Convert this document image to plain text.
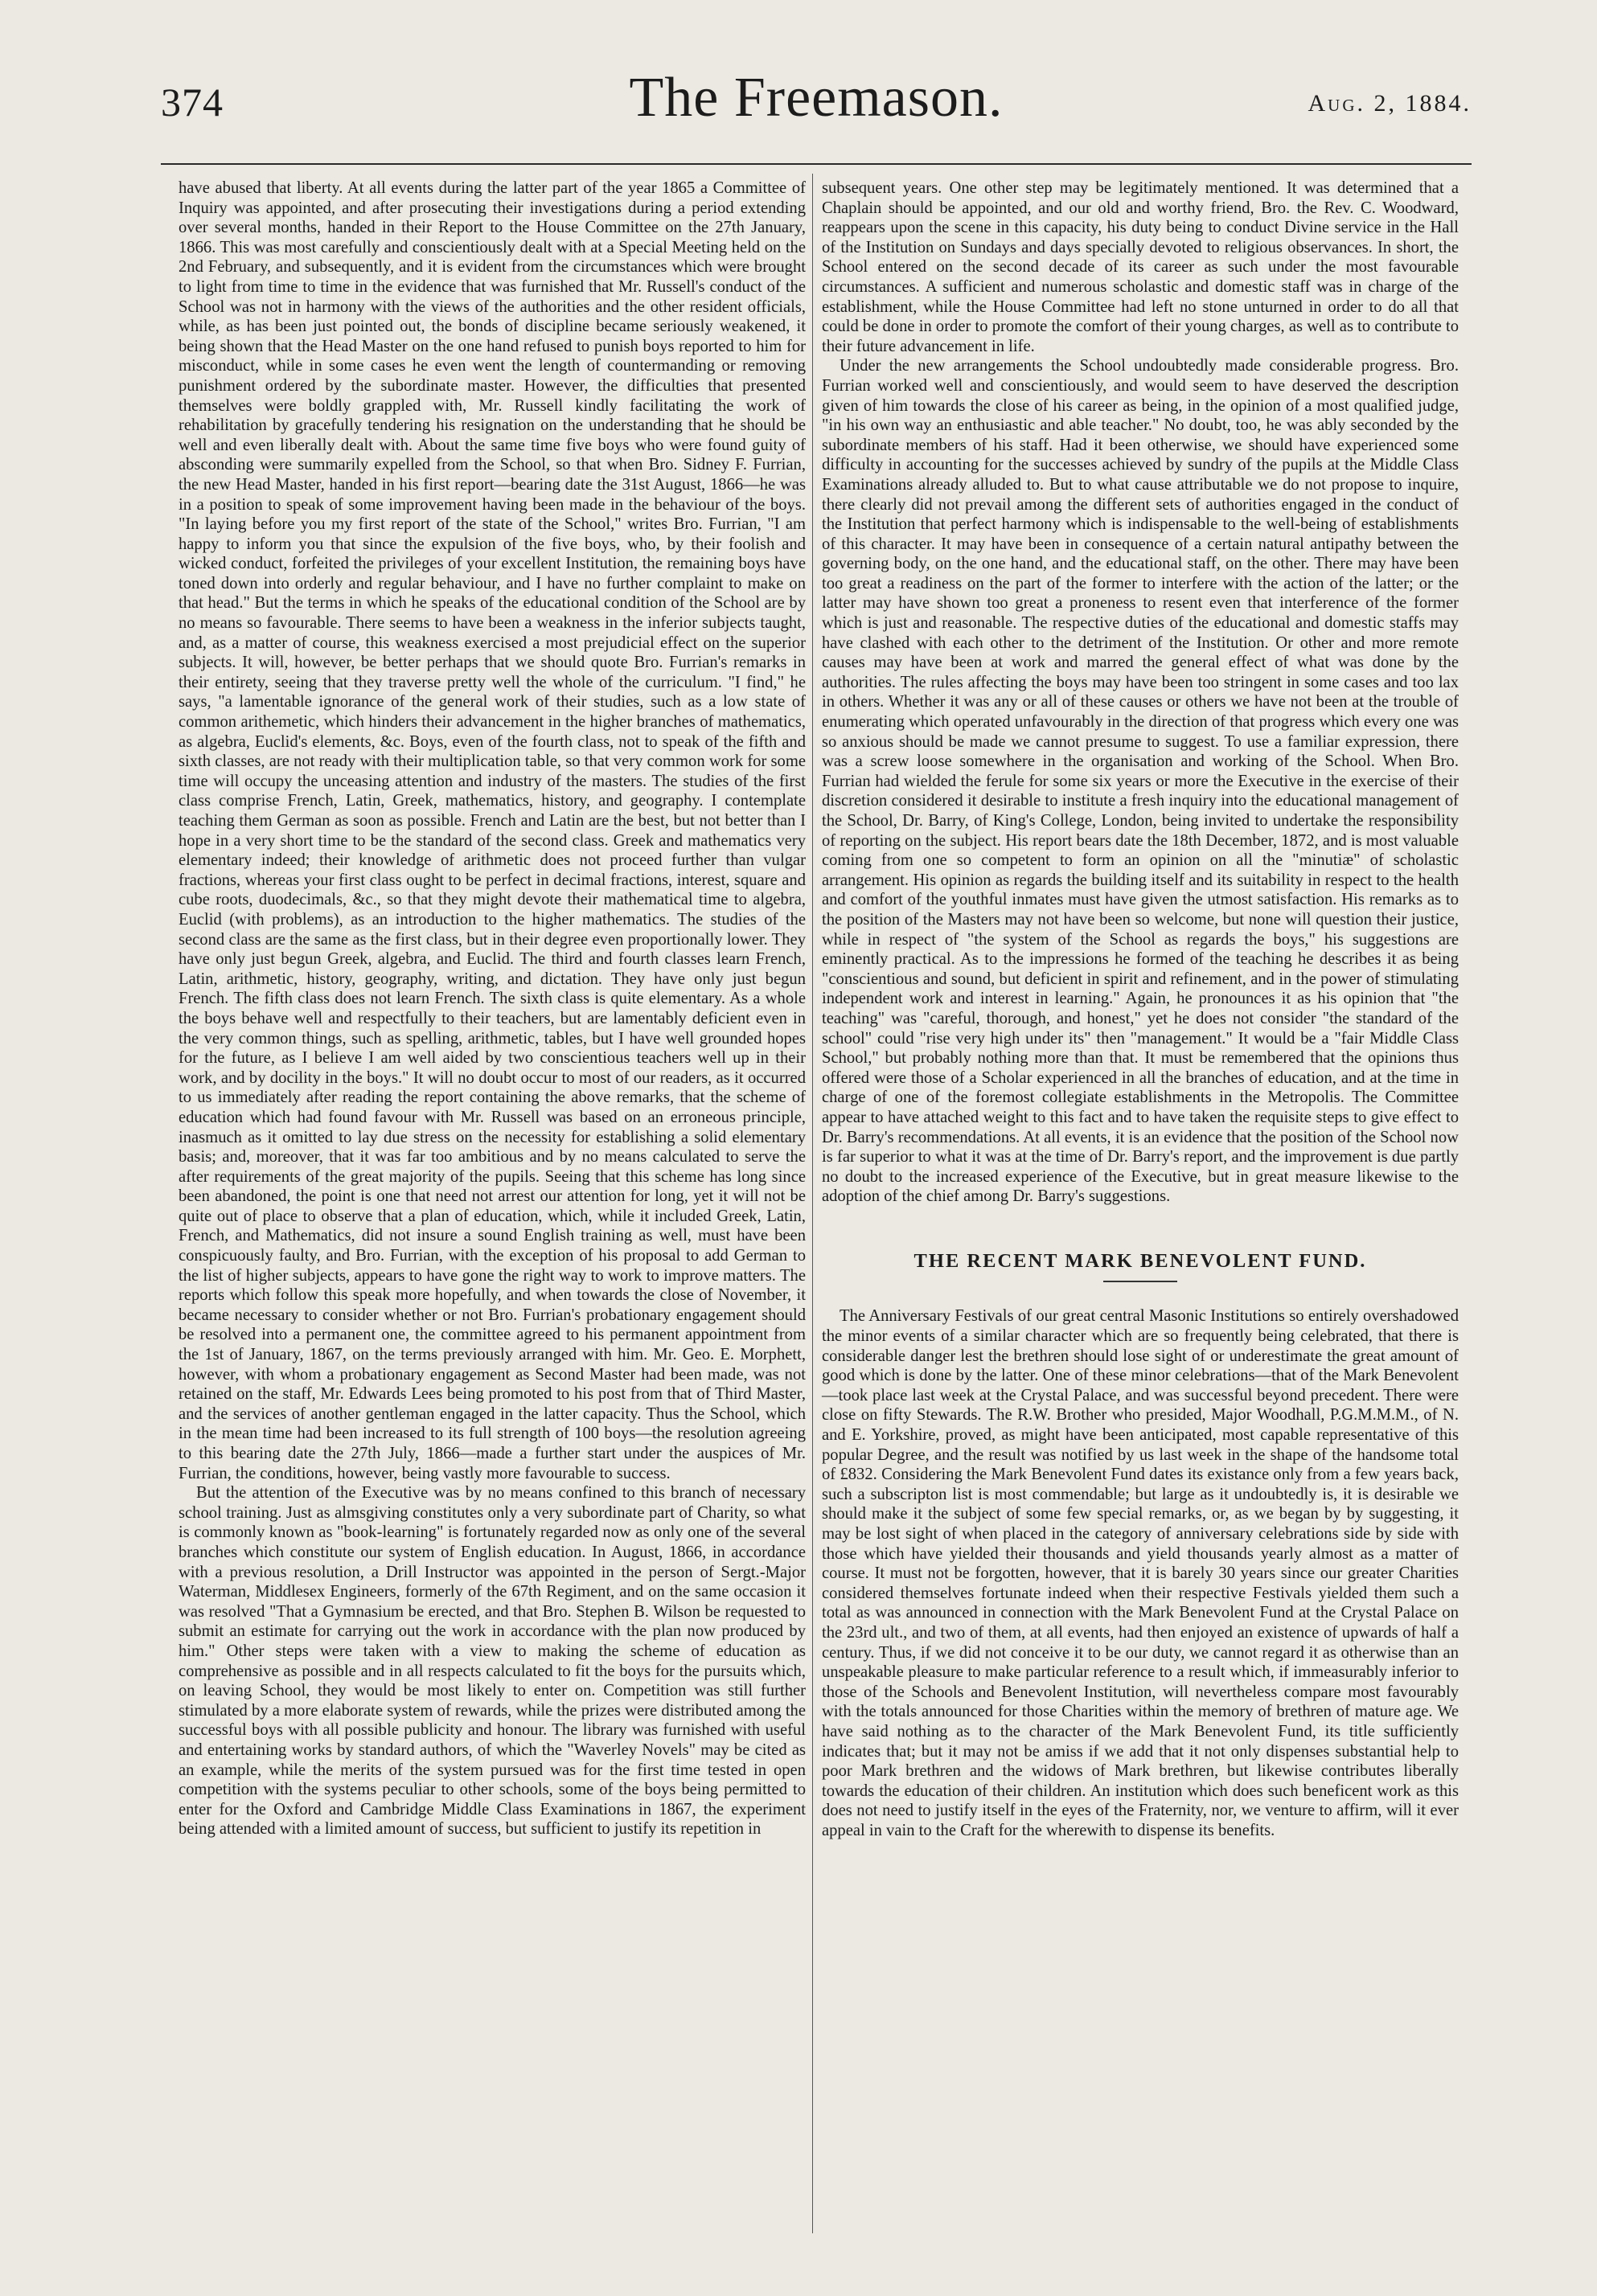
374	The Freemason.	Aug. 2, 1884.

have abused that liberty. At all events during the latter part of the year 1865 a Committee of Inquiry was appointed, and after prosecuting their investigations during a period extending over several months, handed in their Report to the House Committee on the 27th January, 1866. This was most carefully and conscientiously dealt with at a Special Meeting held on the 2nd February, and subsequently, and it is evident from the circumstances which were brought to light from time to time in the evidence that was furnished that Mr. Russell's conduct of the School was not in harmony with the views of the authorities and the other resident officials, while, as has been just pointed out, the bonds of discipline became seriously weakened, it being shown that the Head Master on the one hand refused to punish boys reported to him for misconduct, while in some cases he even went the length of countermanding or removing punishment ordered by the subordinate master. However, the difficulties that presented themselves were boldly grappled with, Mr. Russell kindly facilitating the work of rehabilitation by gracefully tendering his resignation on the understanding that he should be well and even liberally dealt with. About the same time five boys who were found guity of absconding were summarily expelled from the School, so that when Bro. Sidney F. Furrian, the new Head Master, handed in his first report—bearing date the 31st August, 1866—he was in a position to speak of some improvement having been made in the behaviour of the boys. "In laying before you my first report of the state of the School," writes Bro. Furrian, "I am happy to inform you that since the expulsion of the five boys, who, by their foolish and wicked conduct, forfeited the privileges of your excellent Institution, the remaining boys have toned down into orderly and regular behaviour, and I have no further complaint to make on that head." But the terms in which he speaks of the educational condition of the School are by no means so favourable. There seems to have been a weakness in the inferior subjects taught, and, as a matter of course, this weakness exercised a most prejudicial effect on the superior subjects. It will, however, be better perhaps that we should quote Bro. Furrian's remarks in their entirety, seeing that they traverse pretty well the whole of the curriculum. "I find," he says, "a lamentable ignorance of the general work of their studies, such as a low state of common arithemetic, which hinders their advancement in the higher branches of mathematics, as algebra, Euclid's elements, &c. Boys, even of the fourth class, not to speak of the fifth and sixth classes, are not ready with their multiplication table, so that very common work for some time will occupy the unceasing attention and industry of the masters. The studies of the first class comprise French, Latin, Greek, mathematics, history, and geography. I contemplate teaching them German as soon as possible. French and Latin are the best, but not better than I hope in a very short time to be the standard of the second class. Greek and mathematics very elementary indeed; their knowledge of arithmetic does not proceed further than vulgar fractions, whereas your first class ought to be perfect in decimal fractions, interest, square and cube roots, duodecimals, &c., so that they might devote their mathematical time to algebra, Euclid (with problems), as an introduction to the higher mathematics. The studies of the second class are the same as the first class, but in their degree even proportionally lower. They have only just begun Greek, algebra, and Euclid. The third and fourth classes learn French, Latin, arithmetic, history, geography, writing, and dictation. They have only just begun French. The fifth class does not learn French. The sixth class is quite elementary. As a whole the boys behave well and respectfully to their teachers, but are lamentably deficient even in the very common things, such as spelling, arithmetic, tables, but I have well grounded hopes for the future, as I believe I am well aided by two conscientious teachers well up in their work, and by docility in the boys." It will no doubt occur to most of our readers, as it occurred to us immediately after reading the report containing the above remarks, that the scheme of education which had found favour with Mr. Russell was based on an erroneous principle, inasmuch as it omitted to lay due stress on the necessity for establishing a solid elementary basis; and, moreover, that it was far too ambitious and by no means calculated to serve the after requirements of the great majority of the pupils. Seeing that this scheme has long since been abandoned, the point is one that need not arrest our attention for long, yet it will not be quite out of place to observe that a plan of education, which, while it included Greek, Latin, French, and Mathematics, did not insure a sound English training as well, must have been conspicuously faulty, and Bro. Furrian, with the exception of his proposal to add German to the list of higher subjects, appears to have gone the right way to work to improve matters. The reports which follow this speak more hopefully, and when towards the close of November, it became necessary to consider whether or not Bro. Furrian's probationary engagement should be resolved into a permanent one, the committee agreed to his permanent appointment from the 1st of January, 1867, on the terms previously arranged with him. Mr. Geo. E. Morphett, however, with whom a probationary engagement as Second Master had been made, was not retained on the staff, Mr. Edwards Lees being promoted to his post from that of Third Master, and the services of another gentleman engaged in the latter capacity. Thus the School, which in the mean time had been increased to its full strength of 100 boys—the resolution agreeing to this bearing date the 27th July, 1866—made a further start under the auspices of Mr. Furrian, the conditions, however, being vastly more favourable to success.

But the attention of the Executive was by no means confined to this branch of necessary school training. Just as almsgiving constitutes only a very subordinate part of Charity, so what is commonly known as "book-learning" is fortunately regarded now as only one of the several branches which constitute our system of English education. In August, 1866, in accordance with a previous resolution, a Drill Instructor was appointed in the person of Sergt.-Major Waterman, Middlesex Engineers, formerly of the 67th Regiment, and on the same occasion it was resolved "That a Gymnasium be erected, and that Bro. Stephen B. Wilson be requested to submit an estimate for carrying out the work in accordance with the plan now produced by him." Other steps were taken with a view to making the scheme of education as comprehensive as possible and in all respects calculated to fit the boys for the pursuits which, on leaving School, they would be most likely to enter on. Competition was still further stimulated by a more elaborate system of rewards, while the prizes were distributed among the successful boys with all possible publicity and honour. The library was furnished with useful and entertaining works by standard authors, of which the "Waverley Novels" may be cited as an example, while the merits of the system pursued was for the first time tested in open competition with the systems peculiar to other schools, some of the boys being permitted to enter for the Oxford and Cambridge Middle Class Examinations in 1867, the experiment being attended with a limited amount of success, but sufficient to justify its repetition in

subsequent years. One other step may be legitimately mentioned. It was determined that a Chaplain should be appointed, and our old and worthy friend, Bro. the Rev. C. Woodward, reappears upon the scene in this capacity, his duty being to conduct Divine service in the Hall of the Institution on Sundays and days specially devoted to religious observances. In short, the School entered on the second decade of its career as such under the most favourable circumstances. A sufficient and numerous scholastic and domestic staff was in charge of the establishment, while the House Committee had left no stone unturned in order to do all that could be done in order to promote the comfort of their young charges, as well as to contribute to their future advancement in life.

Under the new arrangements the School undoubtedly made considerable progress. Bro. Furrian worked well and conscientiously, and would seem to have deserved the description given of him towards the close of his career as being, in the opinion of a most qualified judge, "in his own way an enthusiastic and able teacher." No doubt, too, he was ably seconded by the subordinate members of his staff. Had it been otherwise, we should have experienced some difficulty in accounting for the successes achieved by sundry of the pupils at the Middle Class Examinations already alluded to. But to what cause attributable we do not propose to inquire, there clearly did not prevail among the different sets of authorities engaged in the conduct of the Institution that perfect harmony which is indispensable to the well-being of establishments of this character. It may have been in consequence of a certain natural antipathy between the governing body, on the one hand, and the educational staff, on the other. There may have been too great a readiness on the part of the former to interfere with the action of the latter; or the latter may have shown too great a proneness to resent even that interference of the former which is just and reasonable. The respective duties of the educational and domestic staffs may have clashed with each other to the detriment of the Institution. Or other and more remote causes may have been at work and marred the general effect of what was done by the authorities. The rules affecting the boys may have been too stringent in some cases and too lax in others. Whether it was any or all of these causes or others we have not been at the trouble of enumerating which operated unfavourably in the direction of that progress which every one was so anxious should be made we cannot presume to suggest. To use a familiar expression, there was a screw loose somewhere in the organisation and working of the School. When Bro. Furrian had wielded the ferule for some six years or more the Executive in the exercise of their discretion considered it desirable to institute a fresh inquiry into the educational management of the School, Dr. Barry, of King's College, London, being invited to undertake the responsibility of reporting on the subject. His report bears date the 18th December, 1872, and is most valuable coming from one so competent to form an opinion on all the "minutiæ" of scholastic arrangement. His opinion as regards the building itself and its suitability in respect to the health and comfort of the youthful inmates must have given the utmost satisfaction. His remarks as to the position of the Masters may not have been so welcome, but none will question their justice, while in respect of "the system of the School as regards the boys," his suggestions are eminently practical. As to the impressions he formed of the teaching he describes it as being "conscientious and sound, but deficient in spirit and refinement, and in the power of stimulating independent work and interest in learning." Again, he pronounces it as his opinion that "the teaching" was "careful, thorough, and honest," yet he does not consider "the standard of the school" could "rise very high under its" then "management." It would be a "fair Middle Class School," but probably nothing more than that. It must be remembered that the opinions thus offered were those of a Scholar experienced in all the branches of education, and at the time in charge of one of the foremost collegiate establishments in the Metropolis. The Committee appear to have attached weight to this fact and to have taken the requisite steps to give effect to Dr. Barry's recommendations. At all events, it is an evidence that the position of the School now is far superior to what it was at the time of Dr. Barry's report, and the improvement is due partly no doubt to the increased experience of the Executive, but in great measure likewise to the adoption of the chief among Dr. Barry's suggestions.

THE RECENT MARK BENEVOLENT FUND.

The Anniversary Festivals of our great central Masonic Institutions so entirely overshadowed the minor events of a similar character which are so frequently being celebrated, that there is considerable danger lest the brethren should lose sight of or underestimate the great amount of good which is done by the latter. One of these minor celebrations—that of the Mark Benevolent—took place last week at the Crystal Palace, and was successful beyond precedent. There were close on fifty Stewards. The R.W. Brother who presided, Major Woodhall, P.G.M.M.M., of N. and E. Yorkshire, proved, as might have been anticipated, most capable representative of this popular Degree, and the result was notified by us last week in the shape of the handsome total of £832. Considering the Mark Benevolent Fund dates its existance only from a few years back, such a subscripton list is most commendable; but large as it undoubtedly is, it is desirable we should make it the subject of some few special remarks, or, as we began by by suggesting, it may be lost sight of when placed in the category of anniversary celebrations side by side with those which have yielded their thousands and yield thousands yearly almost as a matter of course. It must not be forgotten, however, that it is barely 30 years since our greater Charities considered themselves fortunate indeed when their respective Festivals yielded them such a total as was announced in connection with the Mark Benevolent Fund at the Crystal Palace on the 23rd ult., and two of them, at all events, had then enjoyed an existence of upwards of half a century. Thus, if we did not conceive it to be our duty, we cannot regard it as otherwise than an unspeakable pleasure to make particular reference to a result which, if immeasurably inferior to those of the Schools and Benevolent Institution, will nevertheless compare most favourably with the totals announced for those Charities within the memory of brethren of mature age. We have said nothing as to the character of the Mark Benevolent Fund, its title sufficiently indicates that; but it may not be amiss if we add that it not only dispenses substantial help to poor Mark brethren and the widows of Mark brethren, but likewise contributes liberally towards the education of their children. An institution which does such beneficent work as this does not need to justify itself in the eyes of the Fraternity, nor, we venture to affirm, will it ever appeal in vain to the Craft for the wherewith to dispense its benefits.
